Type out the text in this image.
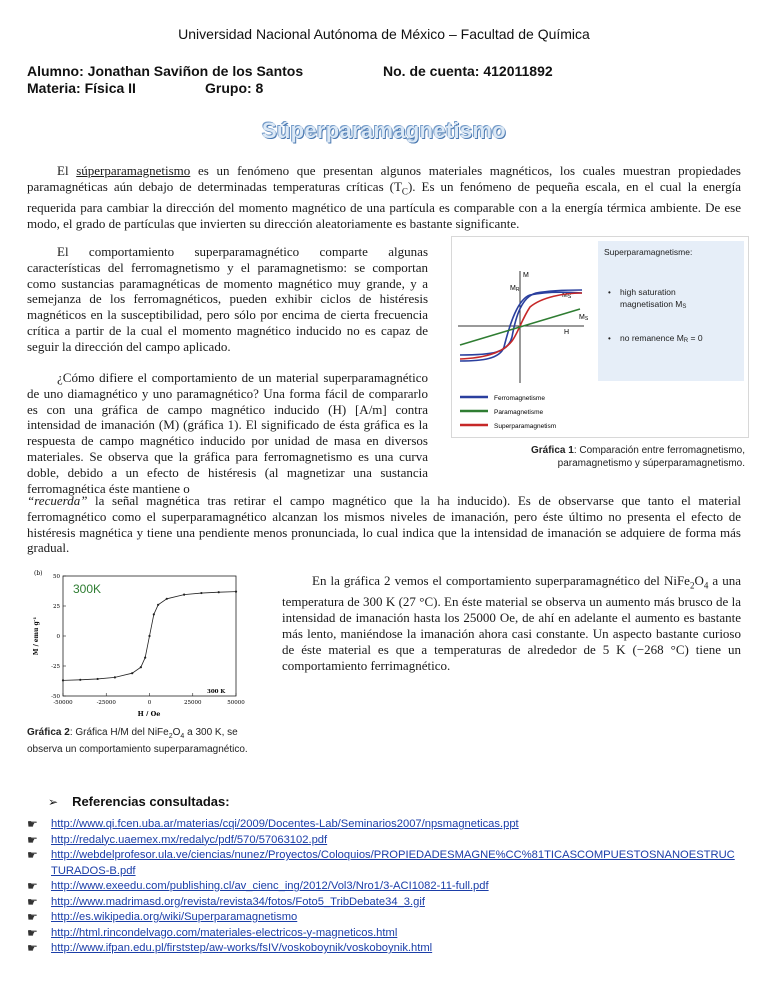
Universidad Nacional Autónoma de México – Facultad de Química
Alumno: Jonathan Saviñon de los Santos	No. de cuenta: 412011892
Materia: Física II	Grupo: 8
Súperparamagnetismo

El súperparamagnetismo es un fenómeno que presentan algunos materiales magnéticos, los cuales muestran propiedades paramagnéticas aún debajo de determinadas temperaturas críticas $(T_C)$. Es un fenómeno de pequeña escala, en el cual la energía requerida para cambiar la dirección del momento magnético de una partícula es comparable con a la energía térmica ambiente. De ese modo, el grado de partículas que invierten su dirección aleatoriamente es bastante significante.

El comportamiento superparamagnético comparte algunas características del ferromagnetismo y el paramagnetismo: se comportan como sustancias paramagnéticas de momento magnético muy grande, y a semejanza de los ferromagnéticos, pueden exhibir ciclos de histéresis magnéticos en la susceptibilidad, pero sólo por encima de cierta frecuencia crítica a partir de la cual el momento magnético inducido no es capaz de seguir la dirección del campo aplicado.

M
H
MR
MS
MS
Superparamagnetisme:
• high saturation
magnetisation MS
• no remanence MR = 0
Ferromagnetisme
Paramagnetisme
Superparamagnetism
Gráfica 1: Comparación entre ferromagnetismo, paramagnetismo y súperparamagnetismo.

¿Cómo difiere el comportamiento de un material superparamagnético de uno diamagnético y uno paramagnético? Una forma fácil de compararlo es con una gráfica de campo magnético inducido (H) [A/m] contra intensidad de imanación (M) (gráfica 1). El significado de ésta gráfica es la respuesta de campo magnético inducido por unidad de masa en diversos materiales. Se observa que la gráfica para ferromagnetismo es una curva doble, debido a un efecto de histéresis (al magnetizar una sustancia ferromagnética éste mantiene o

“recuerda” la señal magnética tras retirar el campo magnético que la ha inducido). Es de observarse que tanto el material ferromagnético como el superparamagnético alcanzan los mismos niveles de imanación, pero éste último no presenta el efecto de histéresis magnética y tiene una pendiente menos pronunciada, lo cual indica que la intensidad de imanación se adquiere de forma más gradual.

(b)
300K
300 K
H / Oe
M / emu $g^{-1}$
-50000	-25000	0	25000	50000
50
25
0
-25
-50
Gráfica 2: Gráfica H/M del $NiFe_2O_4$ a 300 K, se observa un comportamiento superparamagnético.

En la gráfica 2 vemos el comportamiento superparamagnético del $NiFe_2O_4$ a una temperatura de 300 K (27 °C). En éste material se observa un aumento más brusco de la intensidad de imanación hasta los 25000 Oe, de ahí en adelante el aumento es bastante más lento, maniéndose la imanación ahora casi constante. Un aspecto bastante curioso de éste material es que a temperaturas de alrededor de 5 K (−268 °C) tiene un comportamiento ferrimagnético.

➢ Referencias consultadas:
☛	http://www.qi.fcen.uba.ar/materias/cqi/2009/Docentes-Lab/Seminarios2007/npsmagneticas.ppt
☛	http://redalyc.uaemex.mx/redalyc/pdf/570/57063102.pdf
☛	http://webdelprofesor.ula.ve/ciencias/nunez/Proyectos/Coloquios/PROPIEDADESMAGNE%CC%81TICASCOMPUESTOSNANOESTRUCTURADOS-B.pdf
☛	http://www.exeedu.com/publishing.cl/av_cienc_ing/2012/Vol3/Nro1/3-ACI1082-11-full.pdf
☛	http://www.madrimasd.org/revista/revista34/fotos/Foto5_TribDebate34_3.gif
☛	http://es.wikipedia.org/wiki/Superparamagnetismo
☛	http://html.rincondelvago.com/materiales-electricos-y-magneticos.html
☛	http://www.ifpan.edu.pl/firststep/aw-works/fsIV/voskoboynik/voskoboynik.html
